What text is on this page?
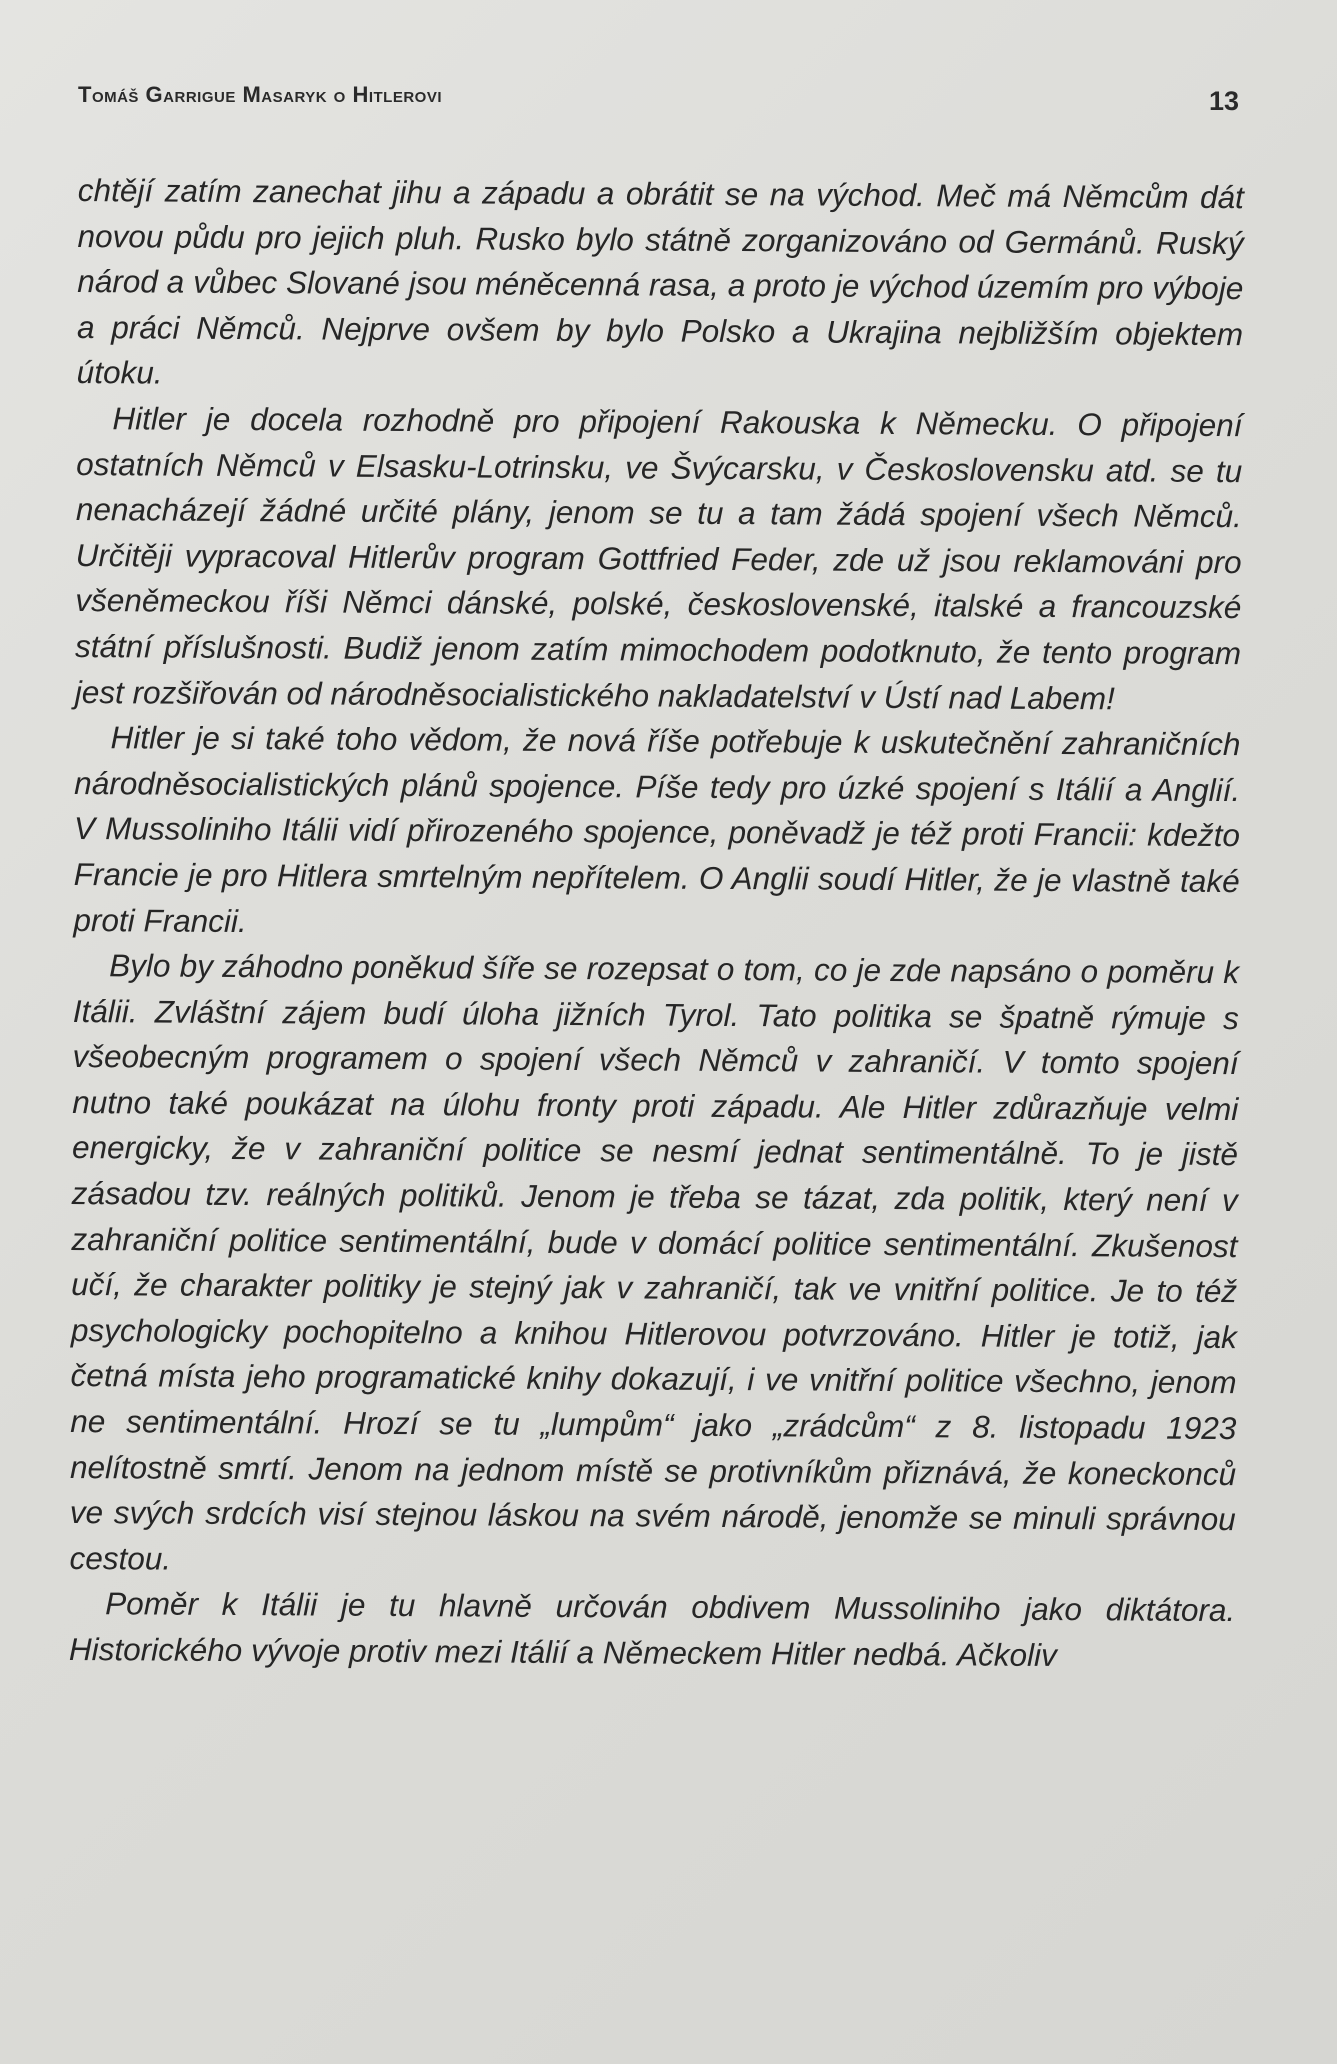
Tomáš Garrigue Masaryk o Hitlerovi	13

chtějí zatím zanechat jihu a západu a obrátit se na východ. Meč má Němcům dát novou půdu pro jejich pluh. Rusko bylo státně zorganizováno od Germánů. Ruský národ a vůbec Slované jsou méněcenná rasa, a proto je východ územím pro výboje a práci Němců. Nejprve ovšem by bylo Polsko a Ukrajina nejbližším objektem útoku.

Hitler je docela rozhodně pro připojení Rakouska k Německu. O připojení ostatních Němců v Elsasku-Lotrinsku, ve Švýcarsku, v Československu atd. se tu nenacházejí žádné určité plány, jenom se tu a tam žádá spojení všech Němců. Určitěji vypracoval Hitlerův program Gottfried Feder, zde už jsou reklamováni pro všeněmeckou říši Němci dánské, polské, československé, italské a francouzské státní příslušnosti. Budiž jenom zatím mimochodem podotknuto, že tento program jest rozšiřován od národněsocialistického nakladatelství v Ústí nad Labem!

Hitler je si také toho vědom, že nová říše potřebuje k uskutečnění zahraničních národněsocialistických plánů spojence. Píše tedy pro úzké spojení s Itálií a Anglií. V Mussoliniho Itálii vidí přirozeného spojence, poněvadž je též proti Francii: kdežto Francie je pro Hitlera smrtelným nepřítelem. O Anglii soudí Hitler, že je vlastně také proti Francii.

Bylo by záhodno poněkud šíře se rozepsat o tom, co je zde napsáno o poměru k Itálii. Zvláštní zájem budí úloha jižních Tyrol. Tato politika se špatně rýmuje s všeobecným programem o spojení všech Němců v zahraničí. V tomto spojení nutno také poukázat na úlohu fronty proti západu. Ale Hitler zdůrazňuje velmi energicky, že v zahraniční politice se nesmí jednat sentimentálně. To je jistě zásadou tzv. reálných politiků. Jenom je třeba se tázat, zda politik, který není v zahraniční politice sentimentální, bude v domácí politice sentimentální. Zkušenost učí, že charakter politiky je stejný jak v zahraničí, tak ve vnitřní politice. Je to též psychologicky pochopitelno a knihou Hitlerovou potvrzováno. Hitler je totiž, jak četná místa jeho programatické knihy dokazují, i ve vnitřní politice všechno, jenom ne sentimentální. Hrozí se tu „lumpům“ jako „zrádcům“ z 8. listopadu 1923 nelítostně smrtí. Jenom na jednom místě se protivníkům přiznává, že koneckonců ve svých srdcích visí stejnou láskou na svém národě, jenomže se minuli správnou cestou.

Poměr k Itálii je tu hlavně určován obdivem Mussoliniho jako diktátora. Historického vývoje protiv mezi Itálií a Německem Hitler nedbá. Ačkoliv
